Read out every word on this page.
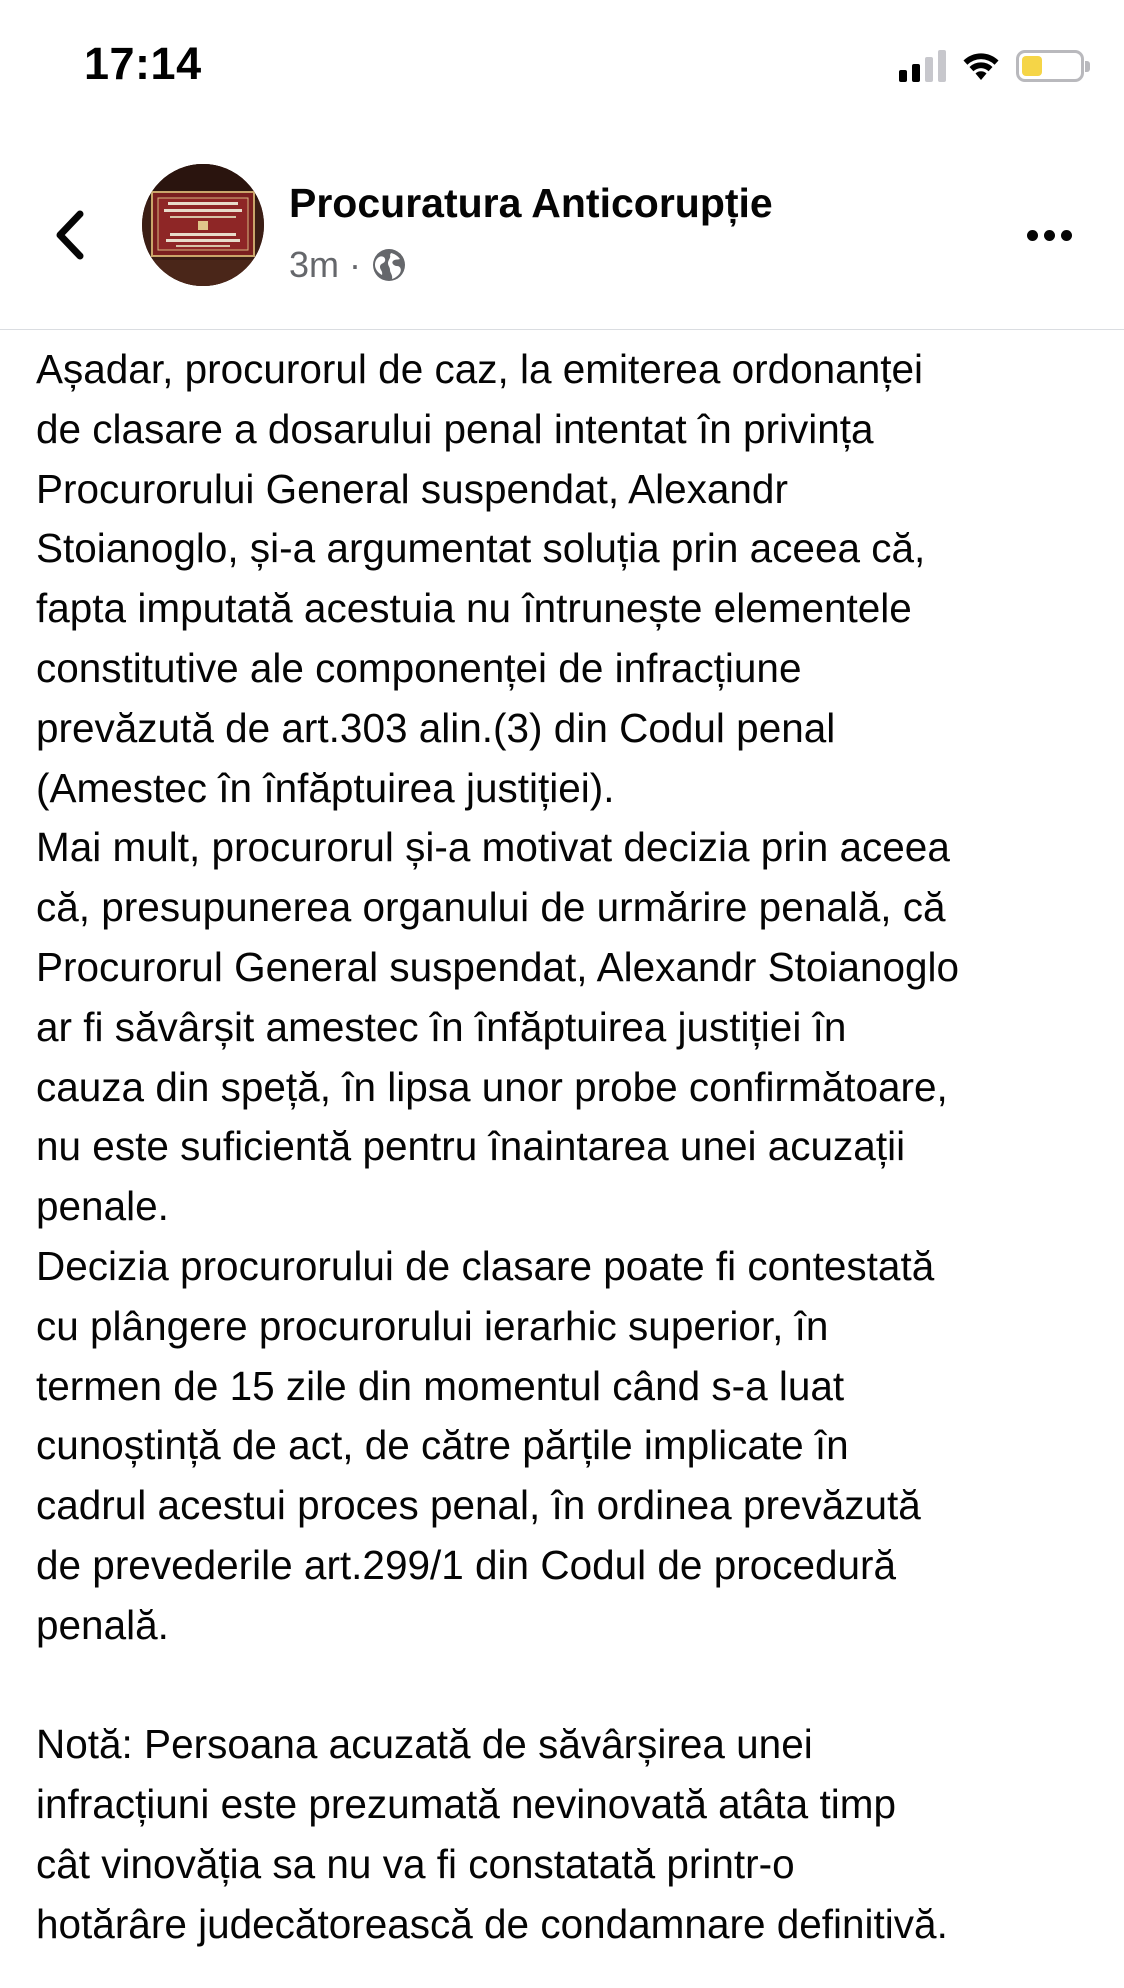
17:14
Procuratura Anticorupție
3m ·
Așadar, procurorul de caz, la emiterea ordonanței
de clasare a dosarului penal intentat în privința
Procurorului General suspendat, Alexandr
Stoianoglo, și-a argumentat soluția prin aceea că,
fapta imputată acestuia nu întrunește elementele
constitutive ale componenței de infracțiune
prevăzută de art.303 alin.(3) din Codul penal
(Amestec în înfăptuirea justiției).
Mai mult, procurorul și-a motivat decizia prin aceea
că, presupunerea organului de urmărire penală, că
Procurorul General suspendat, Alexandr Stoianoglo
ar fi săvârșit amestec în înfăptuirea justiției în
cauza din speță, în lipsa unor probe confirmătoare,
nu este suficientă pentru înaintarea unei acuzații
penale.
Decizia procurorului de clasare poate fi contestată
cu plângere procurorului ierarhic superior, în
termen de 15 zile din momentul când s-a luat
cunoștință de act, de către părțile implicate în
cadrul acestui proces penal, în ordinea prevăzută
de prevederile art.299/1 din Codul de procedură
penală.
Notă: Persoana acuzată de săvârșirea unei
infracțiuni este prezumată nevinovată atâta timp
cât vinovăția sa nu va fi constatată printr-o
hotărâre judecătorească de condamnare definitivă.
